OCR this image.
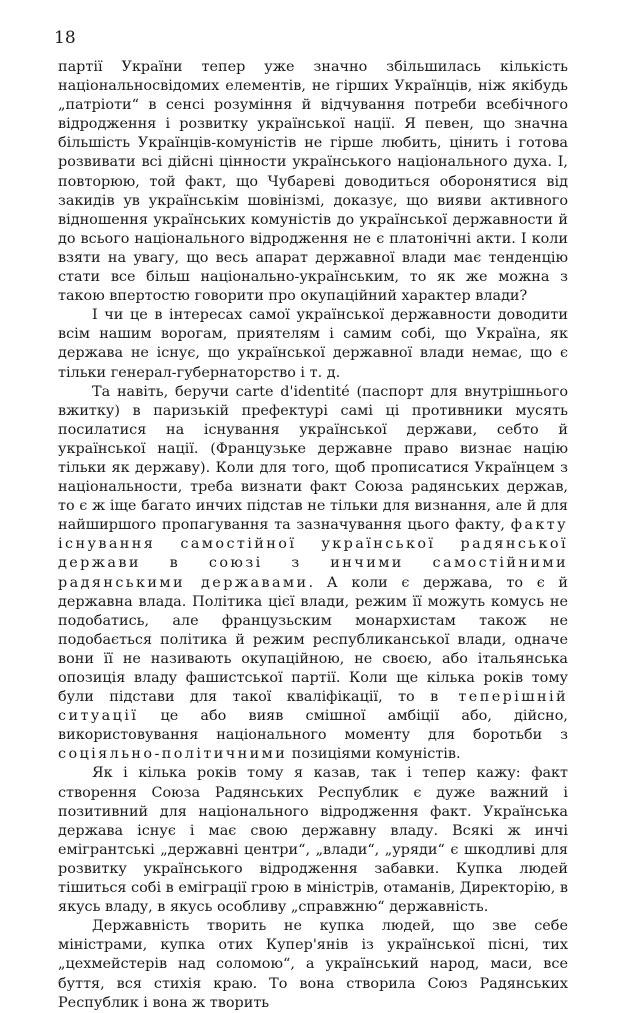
18

партії України тепер уже значно збільшилась кількість національносвідомих елементів, не гірших Українців, ніж якібудь „патріоти“ в сенсі розуміння й відчування потреби всебічного відродження і розвитку української нації. Я певен, що значна більшість Українців-комуністів не гірше любить, цінить і готова розвивати всі дійсні цінности українського національного духа. І, повторюю, той факт, що Чубареві доводиться оборонятися від закидів ув українськім шовінізмі, доказує, що вияви активного відношення українських комуністів до української державности й до всього національного відродження не є платонічні акти. І коли взяти на увагу, що весь апарат державної влади має тенденцію стати все більш національно-українським, то як же можна з такою впертостю говорити про окупаційний характер влади?

І чи це в інтересах самої української державности доводити всім нашим ворогам, приятелям і самим собі, що Україна, як держава не існує, що української державної влади немає, що є тільки генерал-губернаторство і т. д.

Та навіть, беручи carte d'identité (паспорт для внутрішнього вжитку) в паризькій префектурі самі ці противники мусять посилатися на існування української держави, себто й української нації. (Французьке державне право визнає націю тільки як державу). Коли для того, щоб прописатися Українцем з національности, треба визнати факт Союза радянських держав, то є ж іще багато инчих підстав не тільки для визнання, але й для найширшого пропагування та зазначування цього факту, факту існування самостійної української радянської держави в союзі з инчими самостійними радянськими державами. А коли є держава, то є й державна влада. Політика цієї влади, режим її можуть комусь не подобатись, але французьским монархистам також не подобається політика й режим республиканської влади, одначе вони її не називають окупаційною, не своєю, або італьянська опозиція владу фашистської партії. Коли ще кілька років тому були підстави для такої кваліфікації, то в теперішній ситуації це або вияв смішної амбіції або, дійсно, використовування національного моменту для боротьби з соціяльно-політичними позиціями комуністів.

Як і кілька років тому я казав, так і тепер кажу: факт створення Союза Радянських Республик є дуже важний і позитивний для національного відродження факт. Українська держава існує і має свою державну владу. Всякі ж инчі емігрантські „державні центри“, „влади“, „уряди“ є шкодливі для розвитку українського відродження забавки. Купка людей тішиться собі в еміграції грою в міністрів, отаманів, Директорію, в якусь владу, в якусь особливу „справжню“ державність.

Державність творить не купка людей, що зве себе міністрами, купка отих Купер'янів із української пісні, тих „цехмейстерів над соломою“, а український народ, маси, все буття, вся стихія краю. То вона створила Союз Радянських Республик і вона ж творить
